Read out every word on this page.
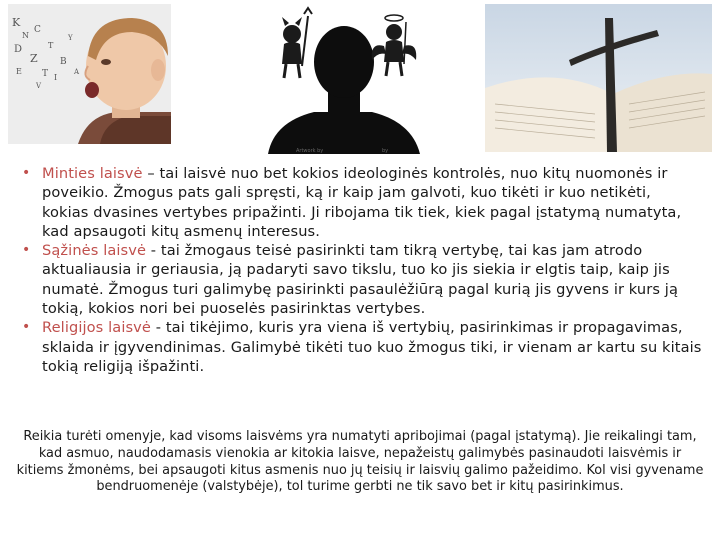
K
N
C
D	T
Z B
E
Y
T I
A
V
Artwork by	by
• Minties laisvė – tai laisvė nuo bet kokios ideologinės kontrolės, nuo kitų nuomonės ir poveikio. Žmogus pats gali spręsti, ką ir kaip jam galvoti, kuo tikėti ir kuo netikėti, kokias dvasines vertybes pripažinti. Ji ribojama tik tiek, kiek pagal įstatymą numatyta, kad apsaugoti kitų asmenų interesus.
• Sąžinės laisvė - tai žmogaus teisė pasirinkti tam tikrą vertybę, tai kas jam atrodo aktualiausia ir geriausia, ją padaryti savo tikslu, tuo ko jis siekia ir elgtis taip, kaip jis numatė. Žmogus turi galimybę pasirinkti pasaulėžiūrą pagal kurią jis gyvens ir kurs ją tokią, kokios nori bei puoselės pasirinktas vertybes.
• Religijos laisvė - tai tikėjimo, kuris yra viena iš vertybių, pasirinkimas ir propagavimas, sklaida ir įgyvendinimas. Galimybė tikėti tuo kuo žmogus tiki, ir vienam ar kartu su kitais tokią religiją išpažinti.

Reikia turėti omenyje, kad visoms laisvėms yra numatyti apribojimai (pagal įstatymą). Jie reikalingi tam, kad asmuo, naudodamasis vienokia ar kitokia laisve, nepažeistų galimybės pasinaudoti laisvėmis ir kitiems žmonėms, bei apsaugoti kitus asmenis nuo jų teisių ir laisvių galimo pažeidimo. Kol visi gyvename bendruomenėje (valstybėje), tol turime gerbti ne tik savo bet ir kitų pasirinkimus.
